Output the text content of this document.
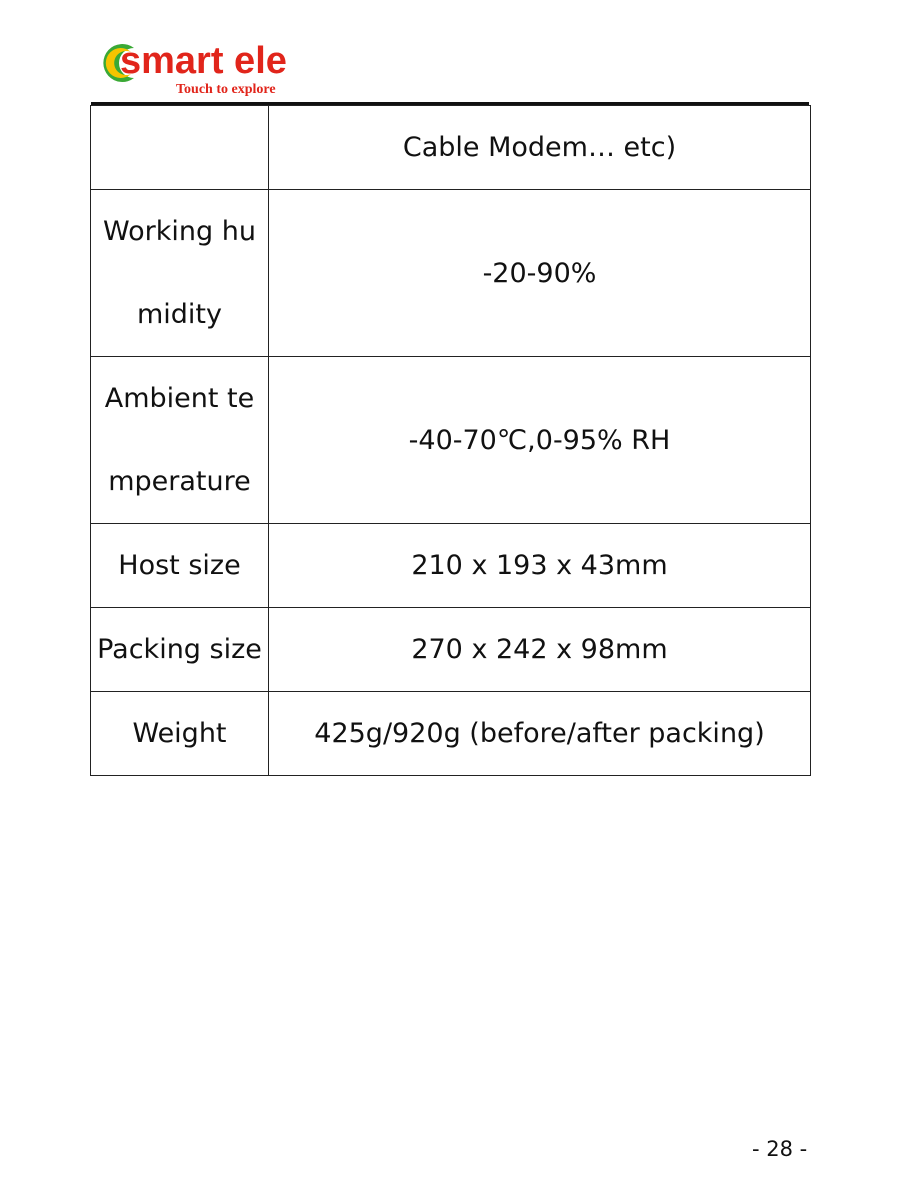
smart ele
Touch to explore
	Cable Modem… etc)
Working humidity	-20-90%
Ambient temperature	-40-70℃,0-95% RH
Host size	210 x 193 x 43mm
Packing size	270 x 242 x 98mm
Weight	425g/920g (before/after packing)
- 28 -
